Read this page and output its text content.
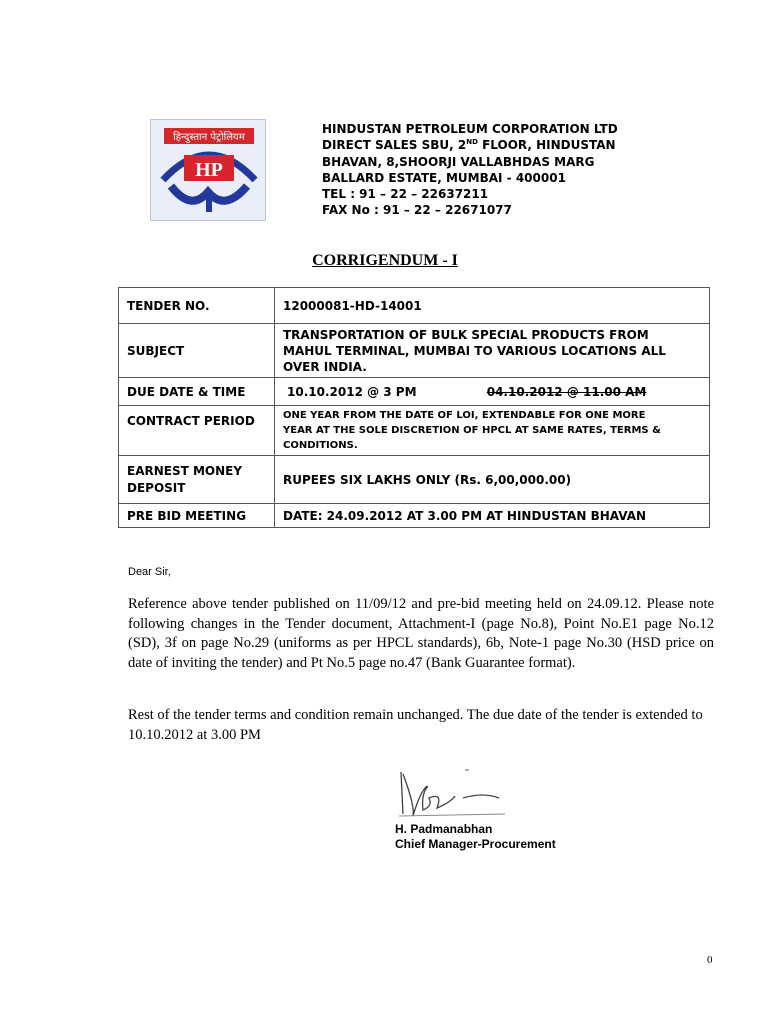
हिन्दुस्तान पेट्रोलियम
HP
HINDUSTAN PETROLEUM CORPORATION LTD
DIRECT SALES SBU, 2ND FLOOR, HINDUSTAN
BHAVAN, 8,SHOORJI VALLABHDAS MARG
BALLARD ESTATE, MUMBAI - 400001
TEL : 91 – 22 – 22637211
FAX No : 91 – 22 – 22671077
CORRIGENDUM - I
TENDER NO.	12000081-HD-14001
SUBJECT	TRANSPORTATION OF BULK SPECIAL PRODUCTS FROM
MAHUL TERMINAL, MUMBAI TO VARIOUS LOCATIONS ALL
OVER INDIA.

DUE DATE & TIME	10.10.2012 @ 3 PM 04.10.2012 @ 11.00 AM
CONTRACT PERIOD	ONE YEAR FROM THE DATE OF LOI, EXTENDABLE FOR ONE MORE
YEAR AT THE SOLE DISCRETION OF HPCL AT SAME RATES, TERMS &
CONDITIONS.

EARNEST MONEY
DEPOSIT	RUPEES SIX LAKHS ONLY (Rs. 6,00,000.00)
PRE BID MEETING	DATE: 24.09.2012 AT 3.00 PM AT HINDUSTAN BHAVAN
Dear Sir,
Reference above tender published on 11/09/12 and pre-bid meeting held on 24.09.12. Please note following changes in the Tender document, Attachment-I (page No.8), Point No.E1 page No.12 (SD), 3f on page No.29 (uniforms as per HPCL standards), 6b, Note-1 page No.30 (HSD price on date of inviting the tender) and Pt No.5 page no.47 (Bank Guarantee format).
Rest of the tender terms and condition remain unchanged. The due date of the tender is extended to 10.10.2012 at 3.00 PM
H. Padmanabhan
Chief Manager-Procurement
0
